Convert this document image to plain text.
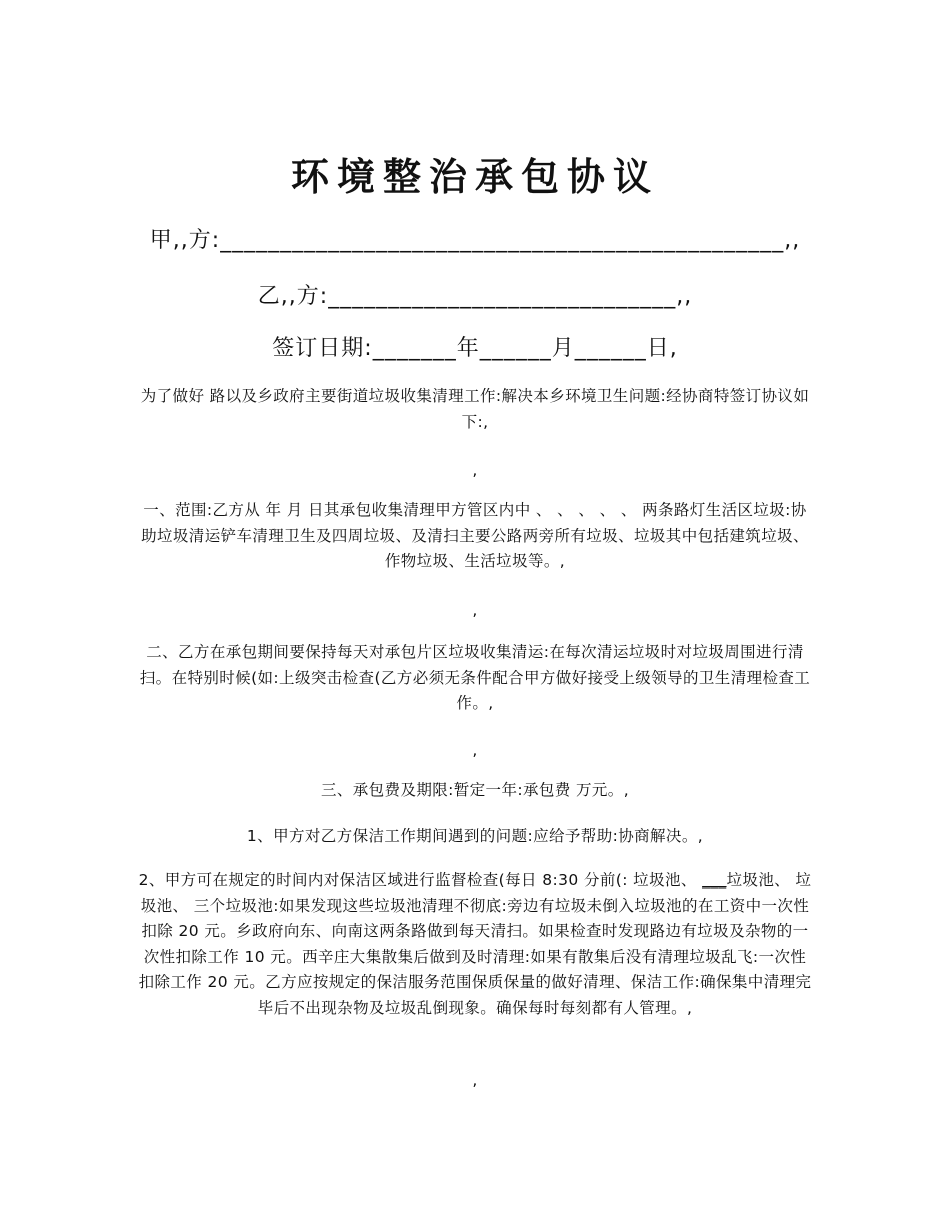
环境整治承包协议
甲,,方:_______________________________________________,,
乙,,方:_____________________________,,
签订日期:_______年______月______日,

为了做好 路以及乡政府主要街道垃圾收集清理工作:解决本乡环境卫生问题:经协商特签订协议如下:,

,

一、范围:乙方从 年 月 日其承包收集清理甲方管区内中 、 、 、 、 、 两条路灯生活区垃圾:协助垃圾清运铲车清理卫生及四周垃圾、及清扫主要公路两旁所有垃圾、垃圾其中包括建筑垃圾、作物垃圾、生活垃圾等。,

,

二、乙方在承包期间要保持每天对承包片区垃圾收集清运:在每次清运垃圾时对垃圾周围进行清扫。在特别时候(如:上级突击检查(乙方必须无条件配合甲方做好接受上级领导的卫生清理检查工作。,

,

三、承包费及期限:暂定一年:承包费 万元。,

1、甲方对乙方保洁工作期间遇到的问题:应给予帮助:协商解决。,

2、甲方可在规定的时间内对保洁区域进行监督检查(每日 8:30 分前(: 垃圾池、 ___垃圾池、 垃圾池、 三个垃圾池:如果发现这些垃圾池清理不彻底:旁边有垃圾未倒入垃圾池的在工资中一次性扣除 20 元。乡政府向东、向南这两条路做到每天清扫。如果检查时发现路边有垃圾及杂物的一次性扣除工作 10 元。西辛庄大集散集后做到及时清理:如果有散集后没有清理垃圾乱飞:一次性扣除工作 20 元。乙方应按规定的保洁服务范围保质保量的做好清理、保洁工作:确保集中清理完毕后不出现杂物及垃圾乱倒现象。确保每时每刻都有人管理。,

,
